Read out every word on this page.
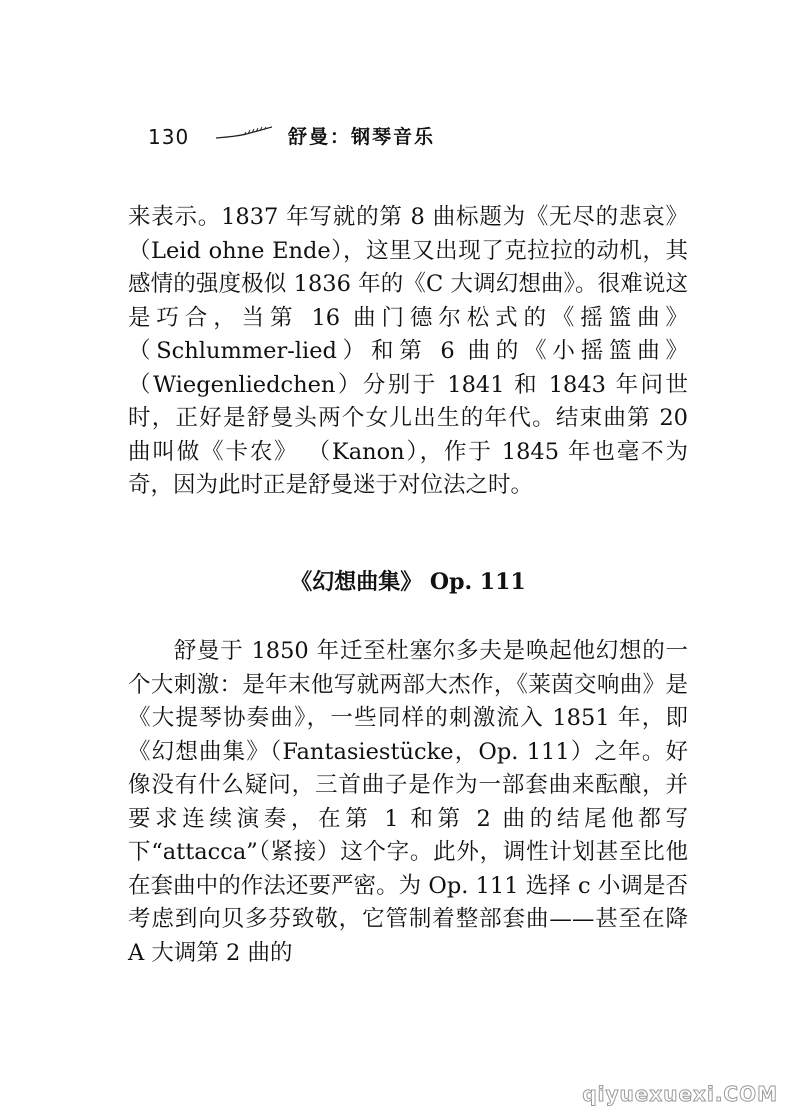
130	舒曼：钢琴音乐

来表示。1837 年写就的第 8 曲标题为《无尽的悲哀》（Leid ohne Ende），这里又出现了克拉拉的动机，其感情的强度极似 1836 年的《C 大调幻想曲》。很难说这是巧合，当第 16 曲门德尔松式的《摇篮曲》（Schlummer-lied）和第 6 曲的《小摇篮曲》（Wiegenliedchen）分别于 1841 和 1843 年问世时，正好是舒曼头两个女儿出生的年代。结束曲第 20 曲叫做《卡农》 （Kanon），作于 1845 年也毫不为奇，因为此时正是舒曼迷于对位法之时。

《幻想曲集》 Op. 111

舒曼于 1850 年迁至杜塞尔多夫是唤起他幻想的一个大刺激：是年末他写就两部大杰作，《莱茵交响曲》是《大提琴协奏曲》，一些同样的刺激流入 1851 年，即《幻想曲集》（Fantasiestücke，Op. 111）之年。好像没有什么疑问，三首曲子是作为一部套曲来酝酿，并要求连续演奏，在第 1 和第 2 曲的结尾他都写下“attacca”（紧接）这个字。此外，调性计划甚至比他在套曲中的作法还要严密。为 Op. 111 选择 c 小调是否考虑到向贝多芬致敬，它管制着整部套曲——甚至在降 A 大调第 2 曲的

qiyuexuexi.COM
